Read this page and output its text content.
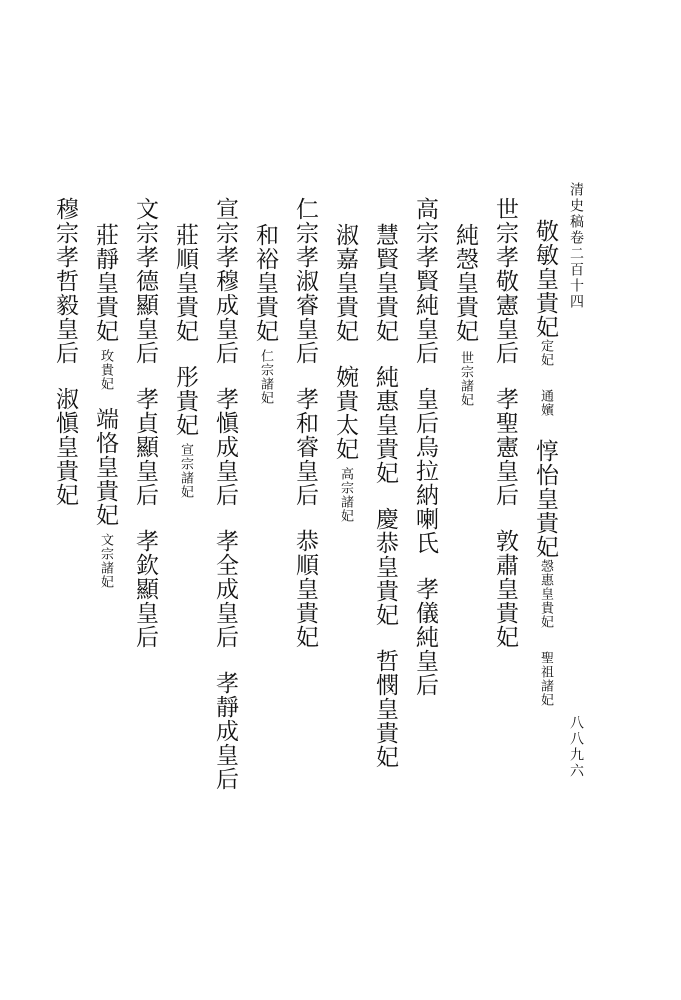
清史稿卷二百十四
八八九六
敬敏皇貴妃定妃通嬪惇怡皇貴妃愨惠皇貴妃聖祖諸妃
世宗孝敬憲皇后孝聖憲皇后敦肅皇貴妃
純愨皇貴妃世宗諸妃
高宗孝賢純皇后皇后烏拉納喇氏孝儀純皇后
慧賢皇貴妃純惠皇貴妃慶恭皇貴妃哲憫皇貴妃
淑嘉皇貴妃婉貴太妃高宗諸妃
仁宗孝淑睿皇后孝和睿皇后恭順皇貴妃
和裕皇貴妃仁宗諸妃
宣宗孝穆成皇后孝愼成皇后孝全成皇后孝靜成皇后
莊順皇貴妃彤貴妃宣宗諸妃
文宗孝德顯皇后孝貞顯皇后孝欽顯皇后
莊靜皇貴妃玫貴妃端恪皇貴妃文宗諸妃
穆宗孝哲毅皇后淑愼皇貴妃
